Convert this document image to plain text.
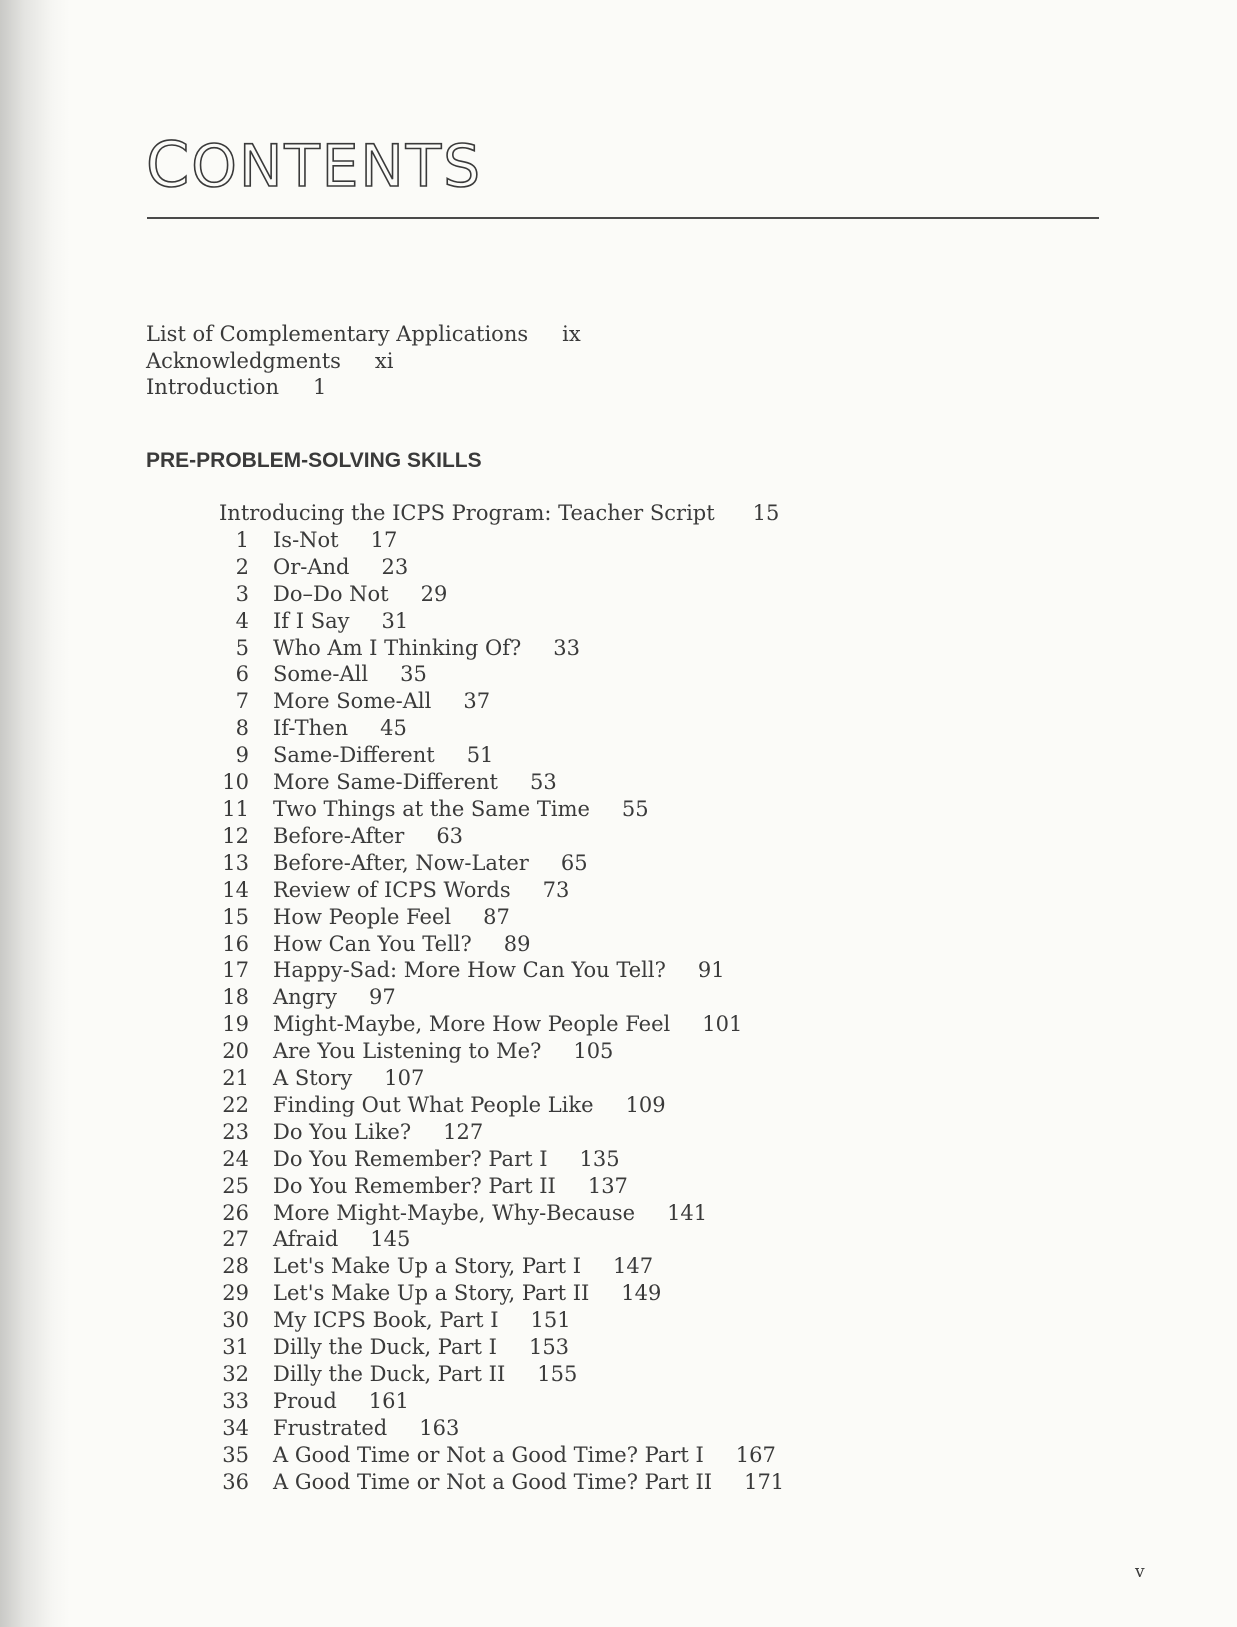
CONTENTS
List of Complementary Applications ix
Acknowledgments xi
Introduction 1
PRE-PROBLEM-SOLVING SKILLS
Introducing the ICPS Program: Teacher Script 15
1 Is-Not 17
2 Or-And 23
3 Do–Do Not 29
4 If I Say 31
5 Who Am I Thinking Of? 33
6 Some-All 35
7 More Some-All 37
8 If-Then 45
9 Same-Different 51
10 More Same-Different 53
11 Two Things at the Same Time 55
12 Before-After 63
13 Before-After, Now-Later 65
14 Review of ICPS Words 73
15 How People Feel 87
16 How Can You Tell? 89
17 Happy-Sad: More How Can You Tell? 91
18 Angry 97
19 Might-Maybe, More How People Feel 101
20 Are You Listening to Me? 105
21 A Story 107
22 Finding Out What People Like 109
23 Do You Like? 127
24 Do You Remember? Part I 135
25 Do You Remember? Part II 137
26 More Might-Maybe, Why-Because 141
27 Afraid 145
28 Let's Make Up a Story, Part I 147
29 Let's Make Up a Story, Part II 149
30 My ICPS Book, Part I 151
31 Dilly the Duck, Part I 153
32 Dilly the Duck, Part II 155
33 Proud 161
34 Frustrated 163
35 A Good Time or Not a Good Time? Part I 167
36 A Good Time or Not a Good Time? Part II 171
v
